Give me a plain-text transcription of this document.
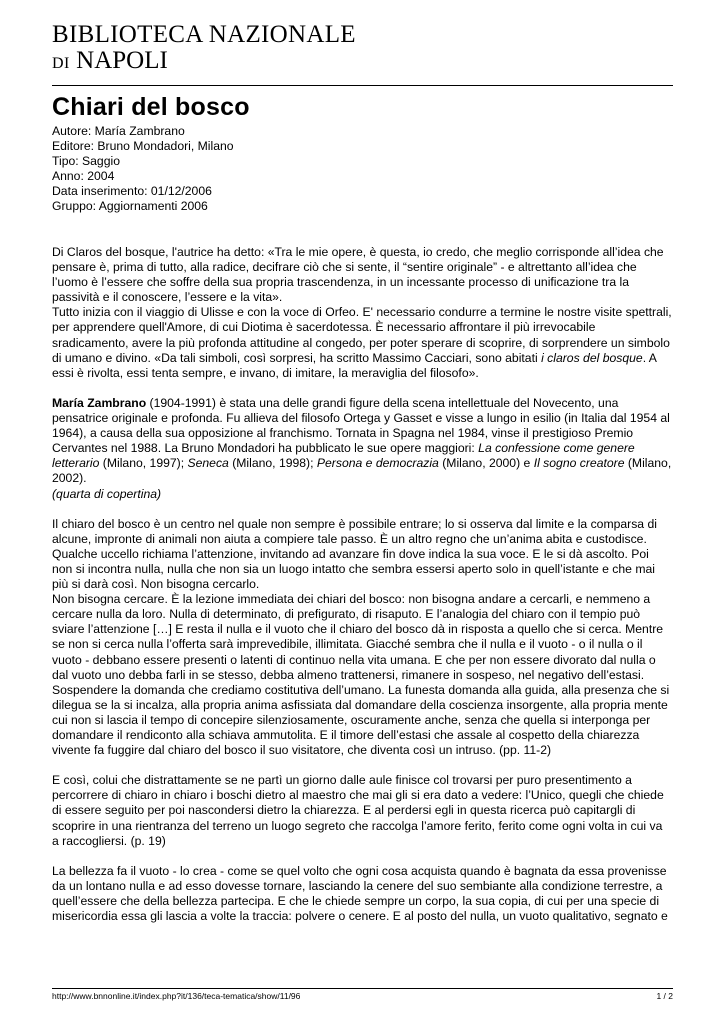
BIBLIOTECA NAZIONALE
DI NAPOLI
Chiari del bosco
Autore: María Zambrano
Editore: Bruno Mondadori, Milano
Tipo: Saggio
Anno: 2004
Data inserimento: 01/12/2006
Gruppo: Aggiornamenti 2006

Di Claros del bosque, l'autrice ha detto: «Tra le mie opere, è questa, io credo, che meglio corrisponde all’idea che
pensare è, prima di tutto, alla radice, decifrare ciò che si sente, il “sentire originale” - e altrettanto all’idea che
l’uomo è l’essere che soffre della sua propria trascendenza, in un incessante processo di unificazione tra la
passività e il conoscere, l’essere e la vita».
Tutto inizia con il viaggio di Ulisse e con la voce di Orfeo. E' necessario condurre a termine le nostre visite spettrali,
per apprendere quell'Amore, di cui Diotima è sacerdotessa. È necessario affrontare il più irrevocabile
sradicamento, avere la più profonda attitudine al congedo, per poter sperare di scoprire, di sorprendere un simbolo
di umano e divino. «Da tali simboli, così sorpresi, ha scritto Massimo Cacciari, sono abitati i claros del bosque. A
essi è rivolta, essi tenta sempre, e invano, di imitare, la meraviglia del filosofo».

María Zambrano (1904-1991) è stata una delle grandi figure della scena intellettuale del Novecento, una
pensatrice originale e profonda. Fu allieva del filosofo Ortega y Gasset e visse a lungo in esilio (in Italia dal 1954 al
1964), a causa della sua opposizione al franchismo. Tornata in Spagna nel 1984, vinse il prestigioso Premio
Cervantes nel 1988. La Bruno Mondadori ha pubblicato le sue opere maggiori: La confessione come genere
letterario (Milano, 1997); Seneca (Milano, 1998); Persona e democrazia (Milano, 2000) e Il sogno creatore (Milano,
2002).
(quarta di copertina)

Il chiaro del bosco è un centro nel quale non sempre è possibile entrare; lo si osserva dal limite e la comparsa di
alcune, impronte di animali non aiuta a compiere tale passo. È un altro regno che un’anima abita e custodisce.
Qualche uccello richiama l’attenzione, invitando ad avanzare fin dove indica la sua voce. E le si dà ascolto. Poi
non si incontra nulla, nulla che non sia un luogo intatto che sembra essersi aperto solo in quell’istante e che mai
più si darà così. Non bisogna cercarlo.
Non bisogna cercare. È la lezione immediata dei chiari del bosco: non bisogna andare a cercarli, e nemmeno a
cercare nulla da loro. Nulla di determinato, di prefigurato, di risaputo. E l’analogia del chiaro con il tempio può
sviare l’attenzione […] E resta il nulla e il vuoto che il chiaro del bosco dà in risposta a quello che si cerca. Mentre
se non si cerca nulla l’offerta sarà imprevedibile, illimitata. Giacché sembra che il nulla e il vuoto - o il nulla o il
vuoto - debbano essere presenti o latenti di continuo nella vita umana. E che per non essere divorato dal nulla o
dal vuoto uno debba farli in se stesso, debba almeno trattenersi, rimanere in sospeso, nel negativo dell’estasi.
Sospendere la domanda che crediamo costitutiva dell’umano. La funesta domanda alla guida, alla presenza che si
dilegua se la si incalza, alla propria anima asfissiata dal domandare della coscienza insorgente, alla propria mente
cui non si lascia il tempo di concepire silenziosamente, oscuramente anche, senza che quella si interponga per
domandare il rendiconto alla schiava ammutolita. E il timore dell’estasi che assale al cospetto della chiarezza
vivente fa fuggire dal chiaro del bosco il suo visitatore, che diventa così un intruso. (pp. 11-2)

E così, colui che distrattamente se ne partì un giorno dalle aule finisce col trovarsi per puro presentimento a
percorrere di chiaro in chiaro i boschi dietro al maestro che mai gli si era dato a vedere: l’Unico, quegli che chiede
di essere seguito per poi nascondersi dietro la chiarezza. E al perdersi egli in questa ricerca può capitargli di
scoprire in una rientranza del terreno un luogo segreto che raccolga l’amore ferito, ferito come ogni volta in cui va
a raccogliersi. (p. 19)

La bellezza fa il vuoto - lo crea - come se quel volto che ogni cosa acquista quando è bagnata da essa provenisse
da un lontano nulla e ad esso dovesse tornare, lasciando la cenere del suo sembiante alla condizione terrestre, a
quell’essere che della bellezza partecipa. E che le chiede sempre un corpo, la sua copia, di cui per una specie di
misericordia essa gli lascia a volte la traccia: polvere o cenere. E al posto del nulla, un vuoto qualitativo, segnato e

http://www.bnnonline.it/index.php?it/136/teca-tematica/show/11/96	1 / 2
